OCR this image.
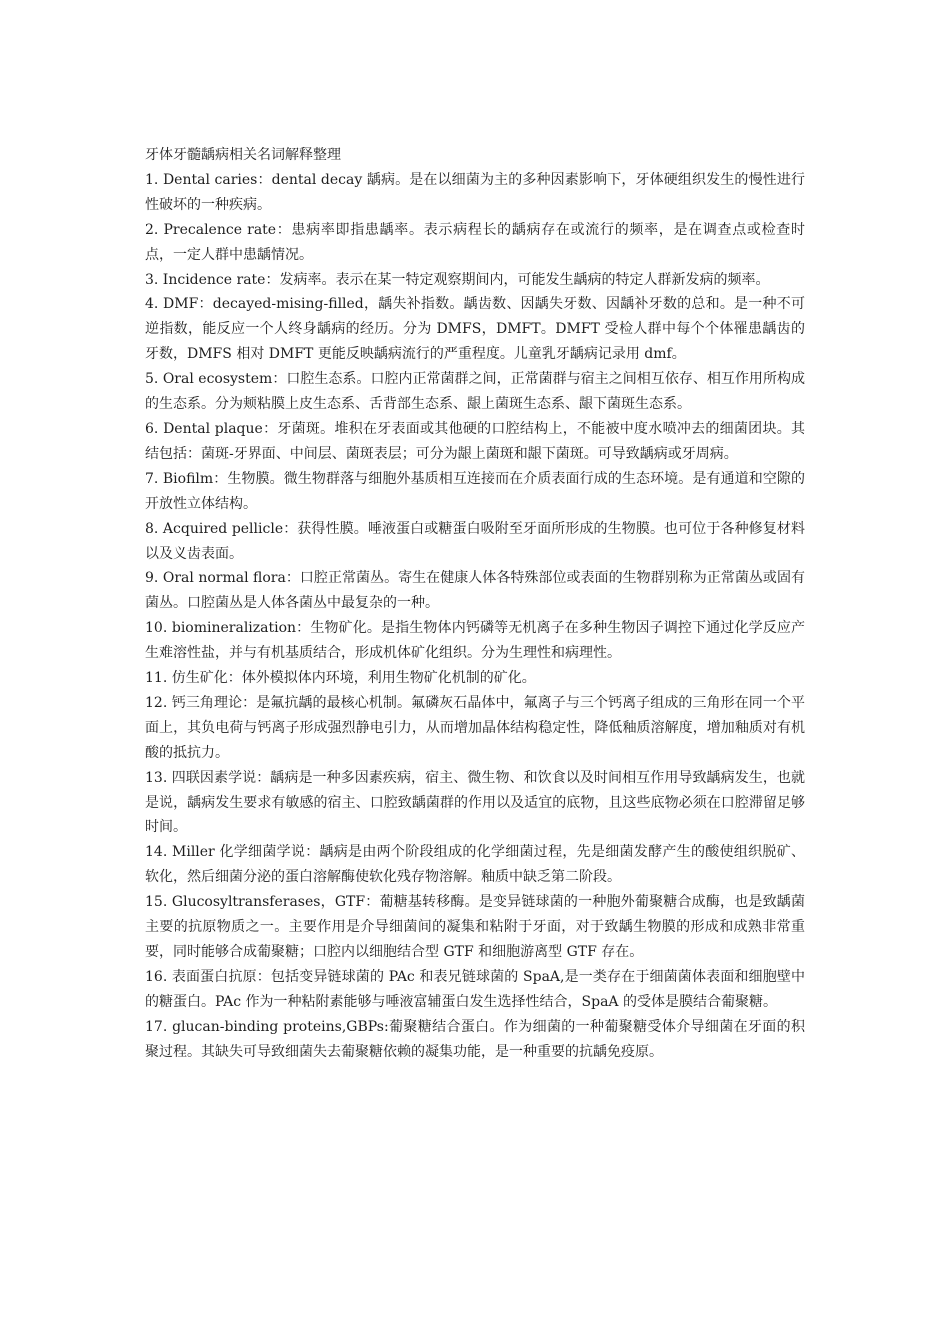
牙体牙髓龋病相关名词解释整理

1. Dental caries：dental decay 龋病。是在以细菌为主的多种因素影响下，牙体硬组织发生的慢性进行性破坏的一种疾病。

2. Precalence rate：患病率即指患龋率。表示病程长的龋病存在或流行的频率，是在调查点或检查时点，一定人群中患龋情况。

3. Incidence rate：发病率。表示在某一特定观察期间内，可能发生龋病的特定人群新发病的频率。

4. DMF：decayed-mising-filled，龋失补指数。龋齿数、因龋失牙数、因龋补牙数的总和。是一种不可逆指数，能反应一个人终身龋病的经历。分为 DMFS，DMFT。DMFT 受检人群中每个个体罹患龋齿的牙数，DMFS 相对 DMFT 更能反映龋病流行的严重程度。儿童乳牙龋病记录用 dmf。

5. Oral ecosystem：口腔生态系。口腔内正常菌群之间，正常菌群与宿主之间相互依存、相互作用所构成的生态系。分为颊粘膜上皮生态系、舌背部生态系、龈上菌斑生态系、龈下菌斑生态系。

6. Dental plaque：牙菌斑。堆积在牙表面或其他硬的口腔结构上，不能被中度水喷冲去的细菌团块。其结包括：菌斑-牙界面、中间层、菌斑表层；可分为龈上菌斑和龈下菌斑。可导致龋病或牙周病。

7. Biofilm：生物膜。微生物群落与细胞外基质相互连接而在介质表面行成的生态环境。是有通道和空隙的开放性立体结构。

8. Acquired pellicle：获得性膜。唾液蛋白或糖蛋白吸附至牙面所形成的生物膜。也可位于各种修复材料以及义齿表面。

9. Oral normal flora：口腔正常菌丛。寄生在健康人体各特殊部位或表面的生物群别称为正常菌丛或固有菌丛。口腔菌丛是人体各菌丛中最复杂的一种。

10. biomineralization：生物矿化。是指生物体内钙磷等无机离子在多种生物因子调控下通过化学反应产生难溶性盐，并与有机基质结合，形成机体矿化组织。分为生理性和病理性。

11. 仿生矿化：体外模拟体内环境，利用生物矿化机制的矿化。

12. 钙三角理论：是氟抗龋的最核心机制。氟磷灰石晶体中，氟离子与三个钙离子组成的三角形在同一个平面上，其负电荷与钙离子形成强烈静电引力，从而增加晶体结构稳定性，降低釉质溶解度，增加釉质对有机酸的抵抗力。

13. 四联因素学说：龋病是一种多因素疾病，宿主、微生物、和饮食以及时间相互作用导致龋病发生，也就是说，龋病发生要求有敏感的宿主、口腔致龋菌群的作用以及适宜的底物，且这些底物必须在口腔滞留足够时间。

14. Miller 化学细菌学说：龋病是由两个阶段组成的化学细菌过程，先是细菌发酵产生的酸使组织脱矿、软化，然后细菌分泌的蛋白溶解酶使软化残存物溶解。釉质中缺乏第二阶段。

15. Glucosyltransferases，GTF：葡糖基转移酶。是变异链球菌的一种胞外葡聚糖合成酶，也是致龋菌主要的抗原物质之一。主要作用是介导细菌间的凝集和粘附于牙面，对于致龋生物膜的形成和成熟非常重要，同时能够合成葡聚糖；口腔内以细胞结合型 GTF 和细胞游离型 GTF 存在。

16. 表面蛋白抗原：包括变异链球菌的 PAc 和表兄链球菌的 SpaA,是一类存在于细菌菌体表面和细胞壁中的糖蛋白。PAc 作为一种粘附素能够与唾液富辅蛋白发生选择性结合，SpaA 的受体是膜结合葡聚糖。

17. glucan-binding proteins,GBPs:葡聚糖结合蛋白。作为细菌的一种葡聚糖受体介导细菌在牙面的积聚过程。其缺失可导致细菌失去葡聚糖依赖的凝集功能，是一种重要的抗龋免疫原。
